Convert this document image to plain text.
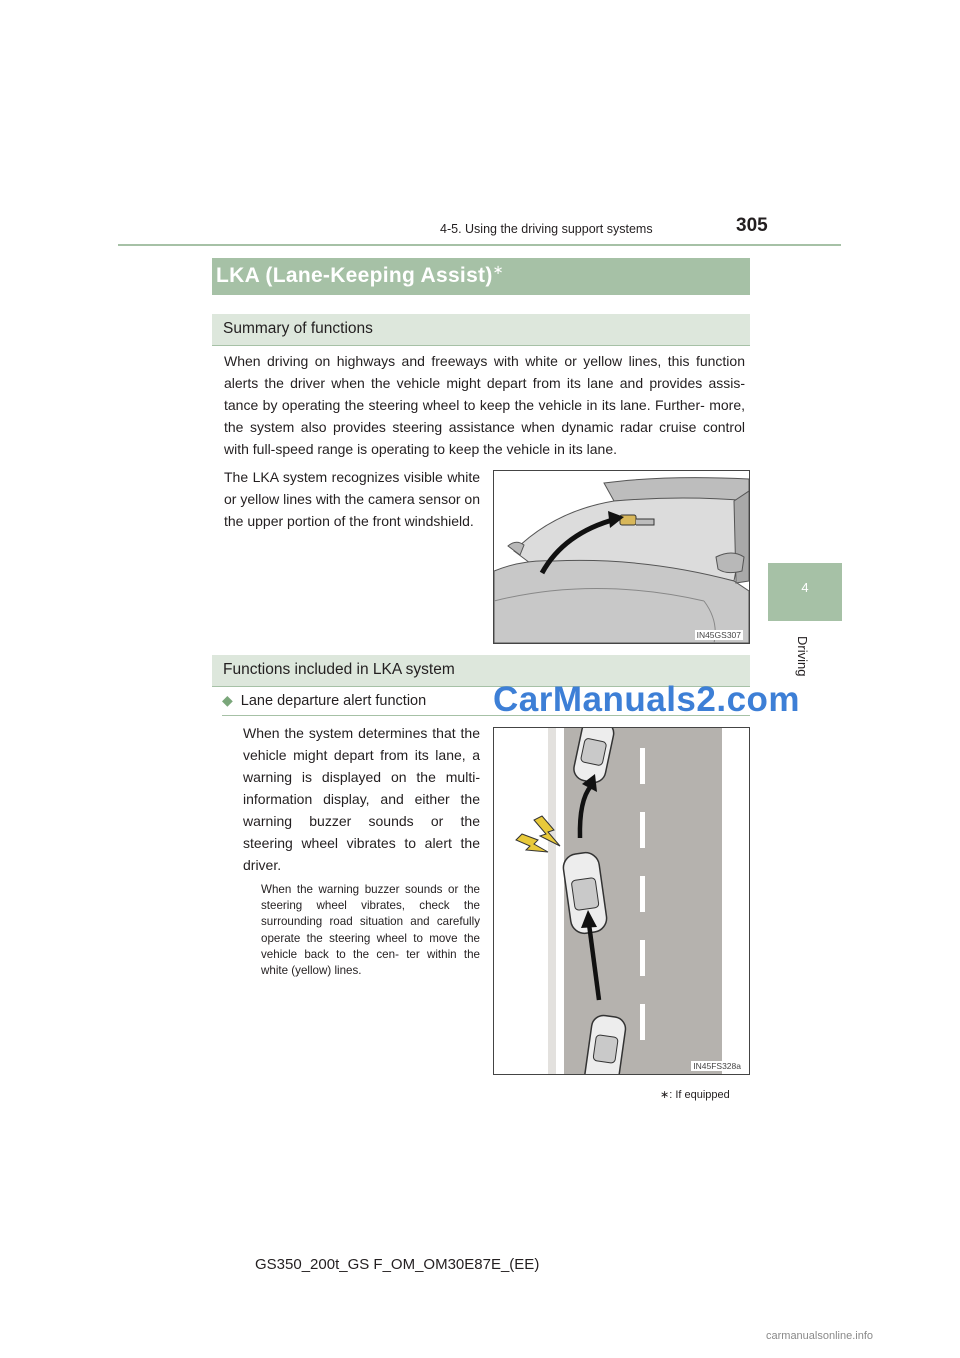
4-5. Using the driving support systems	305
4
Driving
LKA (Lane-Keeping Assist)∗
Summary of functions
When driving on highways and freeways with white or yellow lines, this function alerts the driver when the vehicle might depart from its lane and provides assis- tance by operating the steering wheel to keep the vehicle in its lane. Further- more, the system also provides steering assistance when dynamic radar cruise control with full-speed range is operating to keep the vehicle in its lane.
The LKA system recognizes visible white or yellow lines with the camera sensor on the upper portion of the front windshield.
IN45GS307
Functions included in LKA system
◆ Lane departure alert function
When the system determines that the vehicle might depart from its lane, a warning is displayed on the multi-information display, and either the warning buzzer sounds or the steering wheel vibrates to alert the driver.
When the warning buzzer sounds or the steering wheel vibrates, check the surrounding road situation and carefully operate the steering wheel to move the vehicle back to the cen- ter within the white (yellow) lines.
IN45FS328a
CarManuals2.com
∗: If equipped
GS350_200t_GS F_OM_OM30E87E_(EE)
carmanualsonline.info
